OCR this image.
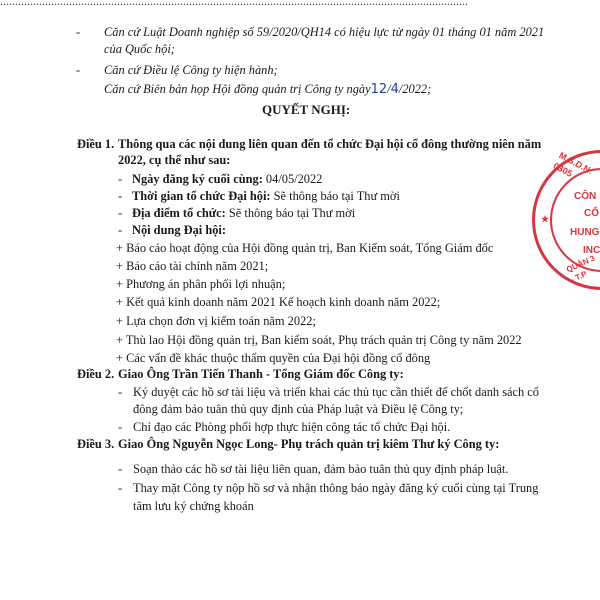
- Căn cứ Luật Doanh nghiệp số 59/2020/QH14 có hiệu lực từ ngày 01 tháng 01 năm 2021
của Quốc hội;
- Căn cứ Điều lệ Công ty hiện hành;
Căn cứ Biên bản họp Hội đồng quản trị Công ty ngày12/4/2022;
QUYẾT NGHỊ:
Điều 1. Thông qua các nội dung liên quan đến tổ chức Đại hội cổ đông thường niên năm
2022, cụ thể như sau:
- Ngày đăng ký cuối cùng: 04/05/2022
- Thời gian tổ chức Đại hội: Sẽ thông báo tại Thư mời
- Địa điểm tổ chức: Sẽ thông báo tại Thư mời
- Nội dung Đại hội:
+ Báo cáo hoạt động của Hội đồng quản trị, Ban Kiểm soát, Tổng Giám đốc
+ Báo cáo tài chính năm 2021;
+ Phương án phân phối lợi nhuận;
+ Kết quả kinh doanh năm 2021 Kế hoạch kinh doanh năm 2022;
+ Lựa chọn đơn vị kiểm toán năm 2022;
+ Thù lao Hội đồng quản trị, Ban kiểm soát, Phụ trách quản trị Công ty năm 2022
+ Các vấn đề khác thuộc thẩm quyền của Đại hội đồng cổ đông
Điều 2. Giao Ông Trần Tiến Thanh - Tổng Giám đốc Công ty:
- Ký duyệt các hồ sơ tài liệu và triển khai các thủ tục cần thiết để chốt danh sách cổ
đông đảm bảo tuân thủ quy định của Pháp luật và Điều lệ Công ty;
- Chỉ đạo các Phòng phối hợp thực hiện công tác tổ chức Đại hội.
Điều 3. Giao Ông Nguyễn Ngọc Long- Phụ trách quản trị kiêm Thư ký Công ty:
- Soạn thảo các hồ sơ tài liệu liên quan, đảm bảo tuân thủ quy định pháp luật.
- Thay mặt Công ty nộp hồ sơ và nhận thông báo ngày đăng ký cuối cùng tại Trung
tâm lưu ký chứng khoán
M.S.D.N: 0305
CÔN
CỔ
HUNG
INC
★
QUẬN 3 - T.P
